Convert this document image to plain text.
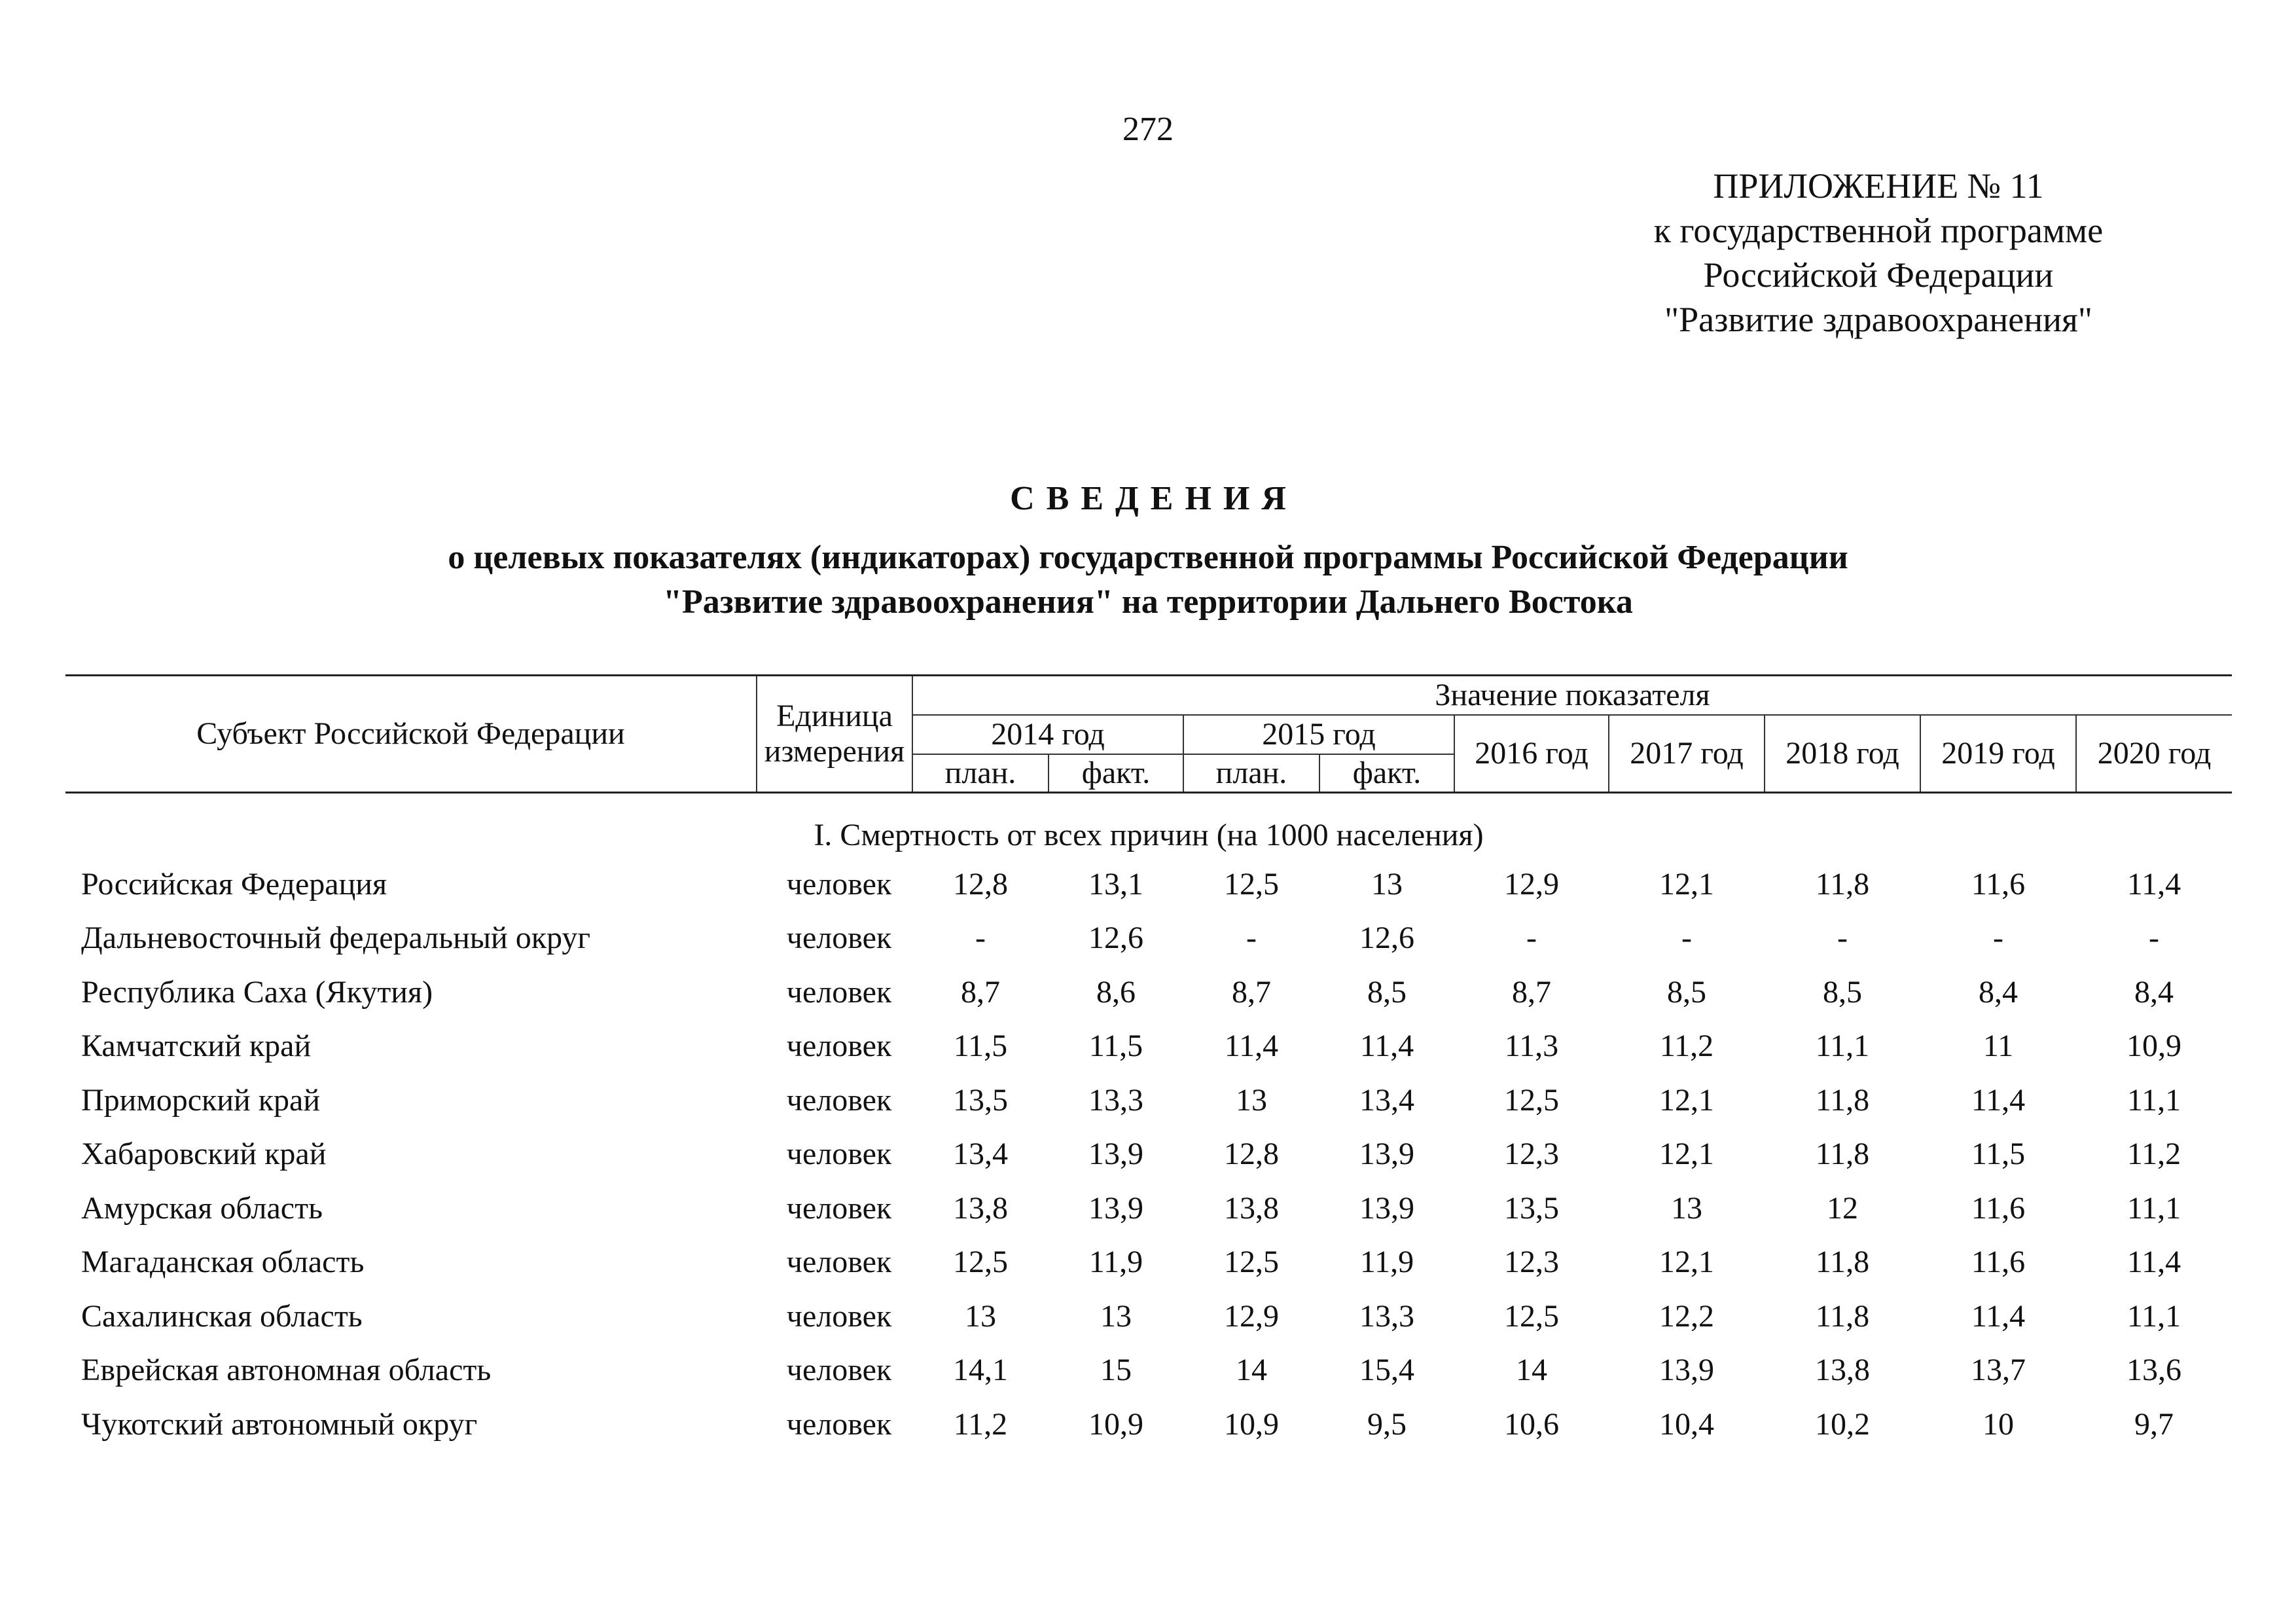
272
ПРИЛОЖЕНИЕ № 11
к государственной программе
Российской Федерации
"Развитие здравоохранения"
СВЕДЕНИЯ
о целевых показателях (индикаторах) государственной программы Российской Федерации
"Развитие здравоохранения" на территории Дальнего Востока
Субъект Российской Федерации	Единица
измерения	Значение показателя								
		2014 год		2015 год		2016 год	2017 год	2018 год	2019 год	2020 год
		план.	факт.	план.	факт.					
I. Смертность от всех причин (на 1000 населения)										
Российская Федерация	человек	12,8	13,1	12,5	13	12,9	12,1	11,8	11,6	11,4
Дальневосточный федеральный округ	человек	-	12,6	-	12,6	-	-	-	-	-
Республика Саха (Якутия)	человек	8,7	8,6	8,7	8,5	8,7	8,5	8,5	8,4	8,4
Камчатский край	человек	11,5	11,5	11,4	11,4	11,3	11,2	11,1	11	10,9
Приморский край	человек	13,5	13,3	13	13,4	12,5	12,1	11,8	11,4	11,1
Хабаровский край	человек	13,4	13,9	12,8	13,9	12,3	12,1	11,8	11,5	11,2
Амурская область	человек	13,8	13,9	13,8	13,9	13,5	13	12	11,6	11,1
Магаданская область	человек	12,5	11,9	12,5	11,9	12,3	12,1	11,8	11,6	11,4
Сахалинская область	человек	13	13	12,9	13,3	12,5	12,2	11,8	11,4	11,1
Еврейская автономная область	человек	14,1	15	14	15,4	14	13,9	13,8	13,7	13,6
Чукотский автономный округ	человек	11,2	10,9	10,9	9,5	10,6	10,4	10,2	10	9,7
